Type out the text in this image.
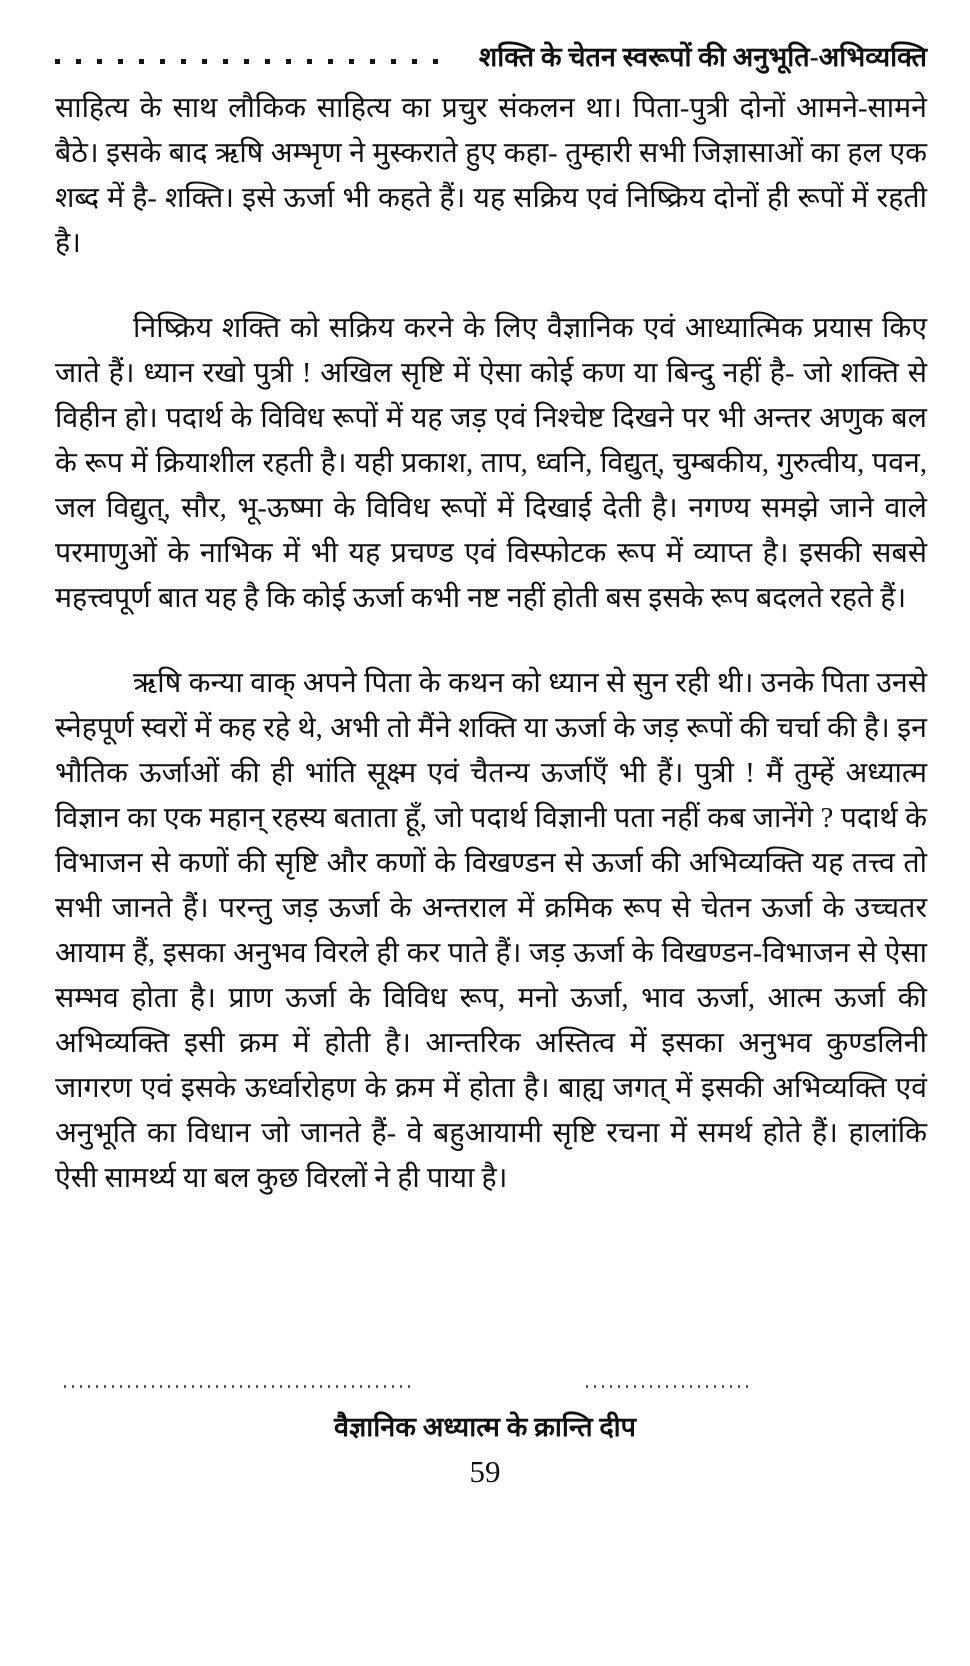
शक्ति के चेतन स्वरूपों की अनुभूति-अभिव्यक्ति

साहित्य के साथ लौकिक साहित्य का प्रचुर संकलन था। पिता-पुत्री दोनों आमने-सामने बैठे। इसके बाद ऋषि अम्भृण ने मुस्कराते हुए कहा- तुम्हारी सभी जिज्ञासाओं का हल एक शब्द में है- शक्ति। इसे ऊर्जा भी कहते हैं। यह सक्रिय एवं निष्क्रिय दोनों ही रूपों में रहती है।

निष्क्रिय शक्ति को सक्रिय करने के लिए वैज्ञानिक एवं आध्यात्मिक प्रयास किए जाते हैं। ध्यान रखो पुत्री ! अखिल सृष्टि में ऐसा कोई कण या बिन्दु नहीं है- जो शक्ति से विहीन हो। पदार्थ के विविध रूपों में यह जड़ एवं निश्चेष्ट दिखने पर भी अन्तर अणुक बल के रूप में क्रियाशील रहती है। यही प्रकाश, ताप, ध्वनि, विद्युत्, चुम्बकीय, गुरुत्वीय, पवन, जल विद्युत्, सौर, भू-ऊष्मा के विविध रूपों में दिखाई देती है। नगण्य समझे जाने वाले परमाणुओं के नाभिक में भी यह प्रचण्ड एवं विस्फोटक रूप में व्याप्त है। इसकी सबसे महत्त्वपूर्ण बात यह है कि कोई ऊर्जा कभी नष्ट नहीं होती बस इसके रूप बदलते रहते हैं।

ऋषि कन्या वाक् अपने पिता के कथन को ध्यान से सुन रही थी। उनके पिता उनसे स्नेहपूर्ण स्वरों में कह रहे थे, अभी तो मैंने शक्ति या ऊर्जा के जड़ रूपों की चर्चा की है। इन भौतिक ऊर्जाओं की ही भांति सूक्ष्म एवं चैतन्य ऊर्जाएँ भी हैं। पुत्री ! मैं तुम्हें अध्यात्म विज्ञान का एक महान् रहस्य बताता हूँ, जो पदार्थ विज्ञानी पता नहीं कब जानेंगे ? पदार्थ के विभाजन से कणों की सृष्टि और कणों के विखण्डन से ऊर्जा की अभिव्यक्ति यह तत्त्व तो सभी जानते हैं। परन्तु जड़ ऊर्जा के अन्तराल में क्रमिक रूप से चेतन ऊर्जा के उच्चतर आयाम हैं, इसका अनुभव विरले ही कर पाते हैं। जड़ ऊर्जा के विखण्डन-विभाजन से ऐसा सम्भव होता है। प्राण ऊर्जा के विविध रूप, मनो ऊर्जा, भाव ऊर्जा, आत्म ऊर्जा की अभिव्यक्ति इसी क्रम में होती है। आन्तरिक अस्तित्व में इसका अनुभव कुण्डलिनी जागरण एवं इसके ऊर्ध्वारोहण के क्रम में होता है। बाह्य जगत् में इसकी अभिव्यक्ति एवं अनुभूति का विधान जो जानते हैं- वे बहुआयामी सृष्टि रचना में समर्थ होते हैं। हालांकि ऐसी सामर्थ्य या बल कुछ विरलों ने ही पाया है।

वैज्ञानिक अध्यात्म के क्रान्ति दीप
59
